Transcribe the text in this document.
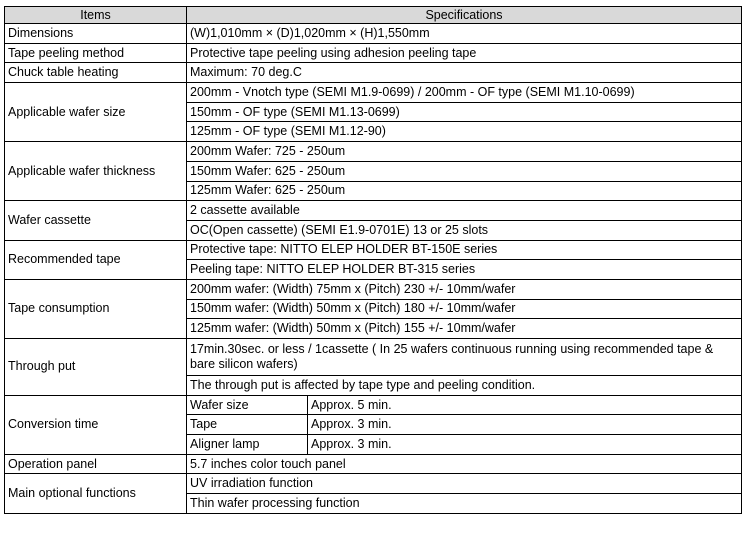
Items	Specifications	
Dimensions	(W)1,010mm × (D)1,020mm × (H)1,550mm	
Tape peeling method	Protective tape peeling using adhesion peeling tape	
Chuck table heating	Maximum: 70 deg.C	
Applicable wafer size	200mm - Vnotch type (SEMI M1.9-0699) / 200mm - OF type (SEMI M1.10-0699)	
	150mm - OF type (SEMI M1.13-0699)	
	125mm - OF type (SEMI M1.12-90)	
Applicable wafer thickness	200mm Wafer: 725 - 250um	
	150mm Wafer: 625 - 250um	
	125mm Wafer: 625 - 250um	
Wafer cassette	2 cassette available	
	OC(Open cassette) (SEMI E1.9-0701E) 13 or 25 slots	
Recommended tape	Protective tape: NITTO ELEP HOLDER BT-150E series	
	Peeling tape: NITTO ELEP HOLDER BT-315 series	
Tape consumption	200mm wafer: (Width) 75mm x (Pitch) 230 +/- 10mm/wafer	
	150mm wafer: (Width) 50mm x (Pitch) 180 +/- 10mm/wafer	
	125mm wafer: (Width) 50mm x (Pitch) 155 +/- 10mm/wafer	
Through put	17min.30sec. or less / 1cassette ( In 25 wafers continuous running using recommended tape & bare silicon wafers)	
	The through put is affected by tape type and peeling condition.	
Conversion time	Wafer size	Approx. 5 min.
	Tape	Approx. 3 min.
	Aligner lamp	Approx. 3 min.
Operation panel	5.7 inches color touch panel	
Main optional functions	UV irradiation function	
	Thin wafer processing function	
